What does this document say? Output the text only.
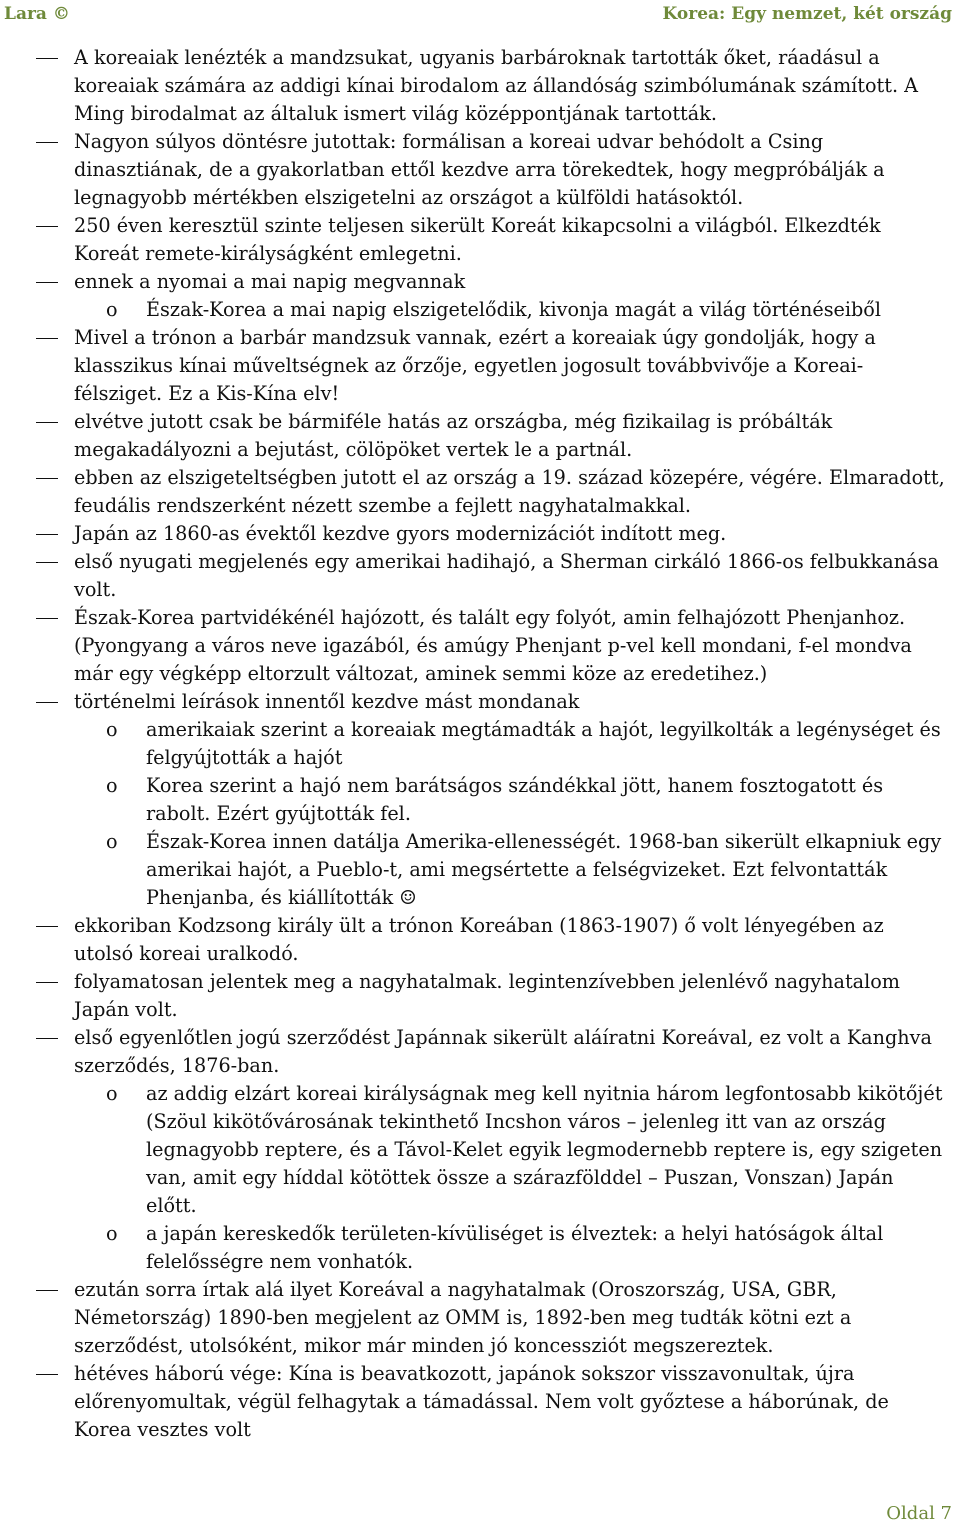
Lara ©	Korea: Egy nemzet, két ország
A koreaiak lenézték a mandzsukat, ugyanis barbároknak tartották őket, ráadásul a koreaiak számára az addigi kínai birodalom az állandóság szimbólumának számított. A Ming birodalmat az általuk ismert világ középpontjának tartották.
Nagyon súlyos döntésre jutottak: formálisan a koreai udvar behódolt a Csing dinasztiának, de a gyakorlatban ettől kezdve arra törekedtek, hogy megpróbálják a legnagyobb mértékben elszigetelni az országot a külföldi hatásoktól.
250 éven keresztül szinte teljesen sikerült Koreát kikapcsolni a világból. Elkezdték Koreát remete-királyságként emlegetni.
ennek a nyomai a mai napig megvannak
o Észak-Korea a mai napig elszigetelődik, kivonja magát a világ történéseiből
Mivel a trónon a barbár mandzsuk vannak, ezért a koreaiak úgy gondolják, hogy a klasszikus kínai műveltségnek az őrzője, egyetlen jogosult továbbvivője a Koreai-félsziget. Ez a Kis-Kína elv!
elvétve jutott csak be bármiféle hatás az országba, még fizikailag is próbálták megakadályozni a bejutást, cölöpöket vertek le a partnál.
ebben az elszigeteltségben jutott el az ország a 19. század közepére, végére. Elmaradott, feudális rendszerként nézett szembe a fejlett nagyhatalmakkal.
Japán az 1860-as évektől kezdve gyors modernizációt indított meg.
első nyugati megjelenés egy amerikai hadihajó, a Sherman cirkáló 1866-os felbukkanása volt.
Észak-Korea partvidékénél hajózott, és talált egy folyót, amin felhajózott Phenjanhoz. (Pyongyang a város neve igazából, és amúgy Phenjant p-vel kell mondani, f-el mondva már egy végképp eltorzult változat, aminek semmi köze az eredetihez.)
történelmi leírások innentől kezdve mást mondanak
o amerikaiak szerint a koreaiak megtámadták a hajót, legyilkolták a legénységet és felgyújtották a hajót
o Korea szerint a hajó nem barátságos szándékkal jött, hanem fosztogatott és rabolt. Ezért gyújtották fel.
o Észak-Korea innen datálja Amerika-ellenességét. 1968-ban sikerült elkapniuk egy amerikai hajót, a Pueblo-t, ami megsértette a felségvizeket. Ezt felvontatták Phenjanba, és kiállították ☺
ekkoriban Kodzsong király ült a trónon Koreában (1863-1907) ő volt lényegében az utolsó koreai uralkodó.
folyamatosan jelentek meg a nagyhatalmak. legintenzívebben jelenlévő nagyhatalom Japán volt.
első egyenlőtlen jogú szerződést Japánnak sikerült aláíratni Koreával, ez volt a Kanghva szerződés, 1876-ban.
o az addig elzárt koreai királyságnak meg kell nyitnia három legfontosabb kikötőjét (Szöul kikötővárosának tekinthető Incshon város – jelenleg itt van az ország legnagyobb reptere, és a Távol-Kelet egyik legmodernebb reptere is, egy szigeten van, amit egy híddal kötöttek össze a szárazfölddel – Puszan, Vonszan) Japán előtt.
o a japán kereskedők területen-kívüliséget is élveztek: a helyi hatóságok által felelősségre nem vonhatók.
ezután sorra írtak alá ilyet Koreával a nagyhatalmak (Oroszország, USA, GBR, Németország) 1890-ben megjelent az OMM is, 1892-ben meg tudták kötni ezt a szerződést, utolsóként, mikor már minden jó koncessziót megszereztek.
hétéves háború vége: Kína is beavatkozott, japánok sokszor visszavonultak, újra előrenyomultak, végül felhagytak a támadással. Nem volt győztese a háborúnak, de Korea vesztes volt
Oldal 7
